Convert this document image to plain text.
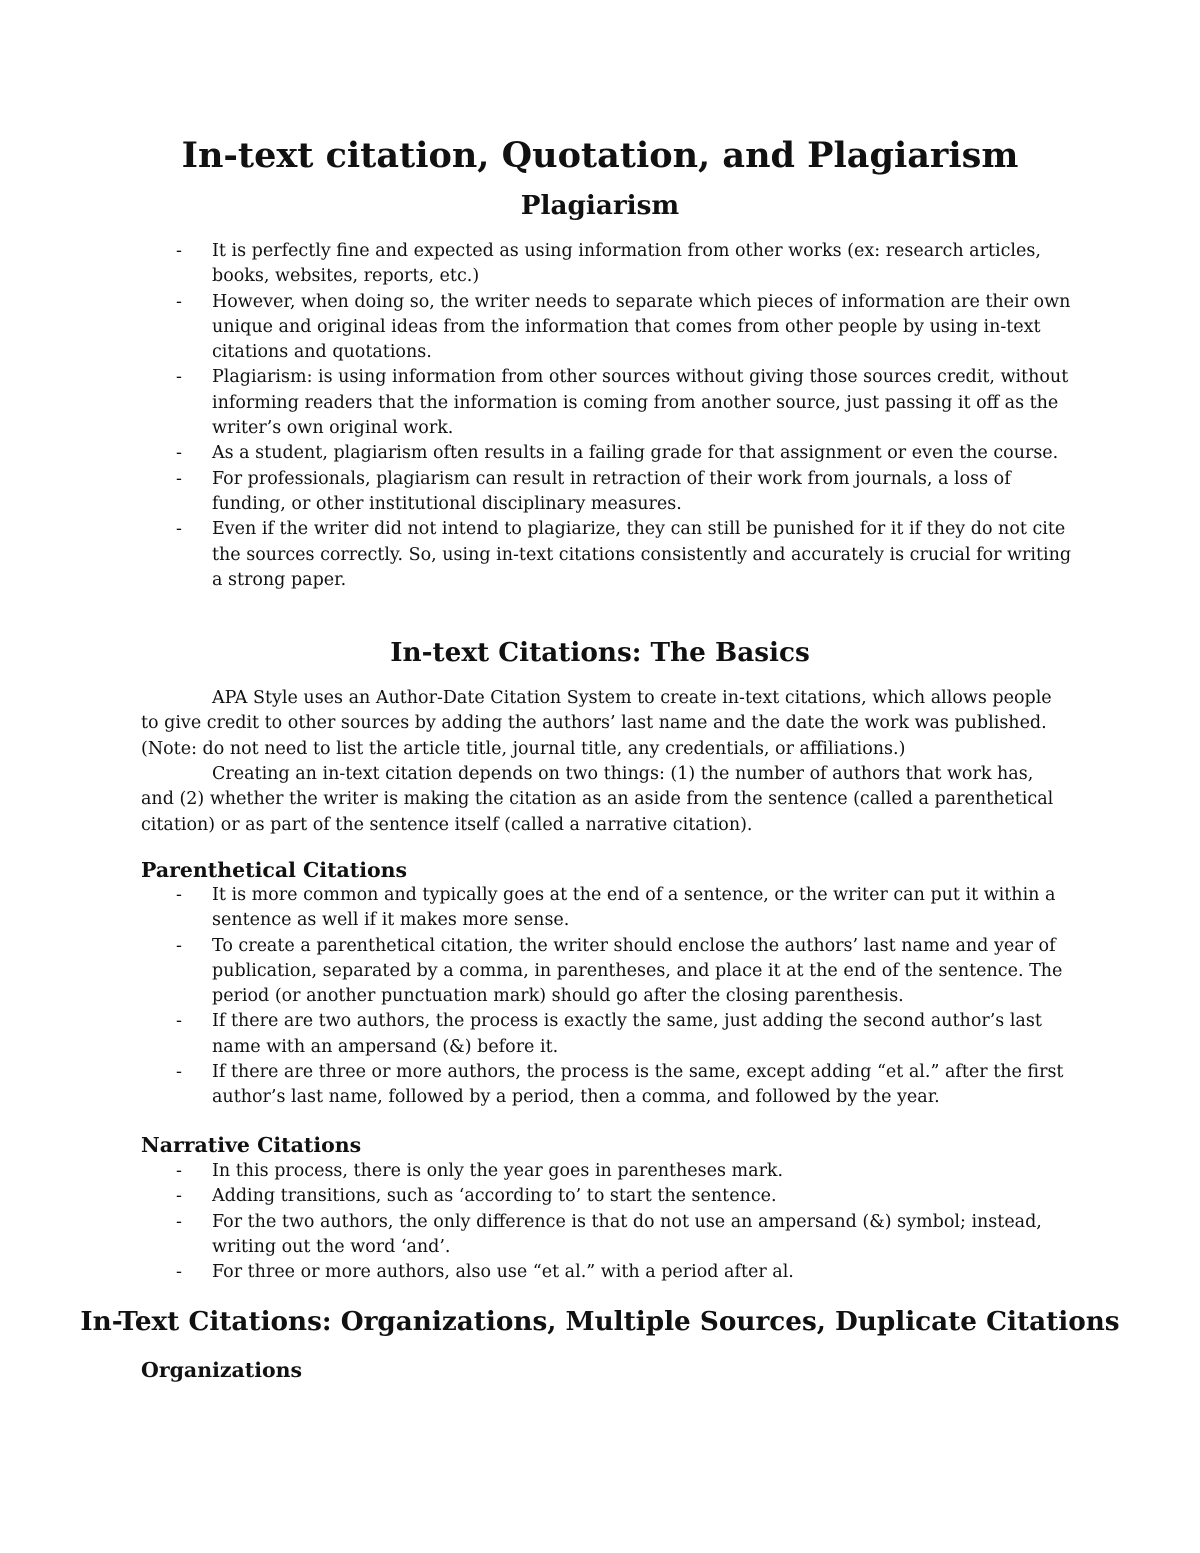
In-text citation, Quotation, and Plagiarism
Plagiarism
- It is perfectly fine and expected as using information from other works (ex: research articles, books, websites, reports, etc.)
- However, when doing so, the writer needs to separate which pieces of information are their own unique and original ideas from the information that comes from other people by using in-text citations and quotations.
- Plagiarism: is using information from other sources without giving those sources credit, without informing readers that the information is coming from another source, just passing it off as the writer’s own original work.
- As a student, plagiarism often results in a failing grade for that assignment or even the course.
- For professionals, plagiarism can result in retraction of their work from journals, a loss of funding, or other institutional disciplinary measures.
- Even if the writer did not intend to plagiarize, they can still be punished for it if they do not cite the sources correctly. So, using in-text citations consistently and accurately is crucial for writing a strong paper.
In-text Citations: The Basics

APA Style uses an Author-Date Citation System to create in-text citations, which allows people to give credit to other sources by adding the authors’ last name and the date the work was published. (Note: do not need to list the article title, journal title, any credentials, or affiliations.)

Creating an in-text citation depends on two things: (1) the number of authors that work has, and (2) whether the writer is making the citation as an aside from the sentence (called a parenthetical citation) or as part of the sentence itself (called a narrative citation).

Parenthetical Citations
- It is more common and typically goes at the end of a sentence, or the writer can put it within a sentence as well if it makes more sense.
- To create a parenthetical citation, the writer should enclose the authors’ last name and year of publication, separated by a comma, in parentheses, and place it at the end of the sentence. The period (or another punctuation mark) should go after the closing parenthesis.
- If there are two authors, the process is exactly the same, just adding the second author’s last name with an ampersand (&) before it.
- If there are three or more authors, the process is the same, except adding “et al.” after the first author’s last name, followed by a period, then a comma, and followed by the year.
Narrative Citations
- In this process, there is only the year goes in parentheses mark.
- Adding transitions, such as ‘according to’ to start the sentence.
- For the two authors, the only difference is that do not use an ampersand (&) symbol; instead, writing out the word ‘and’.
- For three or more authors, also use “et al.” with a period after al.
In-Text Citations: Organizations, Multiple Sources, Duplicate Citations
Organizations
